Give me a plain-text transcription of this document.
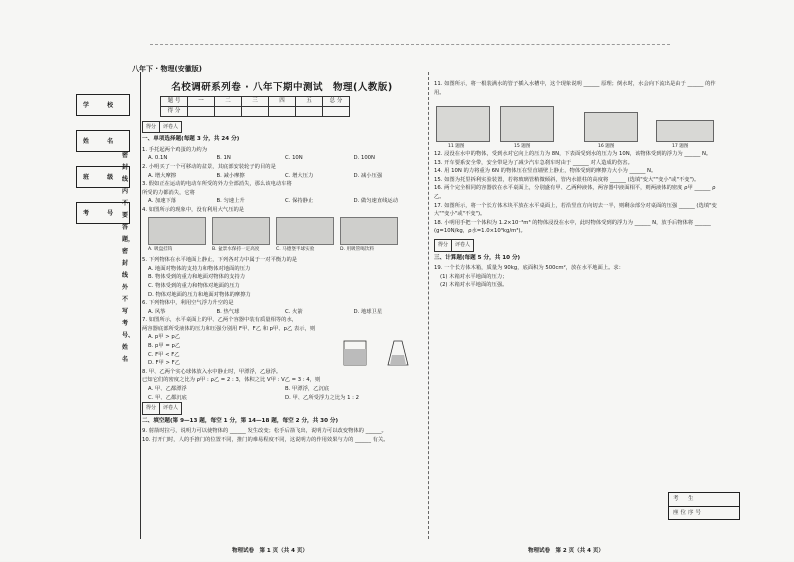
八年下 · 物理(安徽版)
学 校
姓 名
班 级
考 号
密封线内不要答题，密封线外不写考号、姓名
名校调研系列卷 · 八年下期中测试　物理(人教版)
题 号	一	二	三	四	五	总 分
得 分						
得分 评卷人
一、单项选择题(每题 3 分，共 24 分)
1. 手托起两个鸡蛋的力约为
A. 0.1N	B. 1N	C. 10N	D. 100N
2. 小明买了一个可移动的盆景，其底部安装轮子的目的是
A. 增大摩擦	B. 减小摩擦	C. 增大压力	D. 减小压强
3. 假如正在运动的电动车所受的外力全部消失，那么该电动车将
所受的力都消失，它将
A. 加速下落	B. 匀速上升	C. 保持静止	D. 做匀速直线运动
4. 如图所示的现象中，没有利用大气压的是
A. 吸盘挂钩	B. 盆景水保持一定高度	C. 马德堡半球实验	D. 用吸管喝饮料
5. 下列物体在水平地面上静止，下列各对力中属于一对平衡力的是
A. 地面对物体的支持力和物体对地面的压力
B. 物体受到的重力和地面对物体的支持力
C. 物体受到的重力和物体对地面的压力
D. 物体对地面的压力和地面对物体的摩擦力
6. 下列物体中，利用空气浮力升空的是
A. 风筝	B. 热气球	C. 火箭	D. 地球卫星
7. 如图所示，水平桌面上的甲、乙两个容器中装有质量相等的水，
两容器底部所受液体的压力和压强分别用 F甲、F乙 和 p甲、p乙 表示，则
A. p甲 > p乙
B. p甲 = p乙
C. F甲 < F乙
D. F甲 > F乙
8. 甲、乙两个实心球体放入水中静止时，甲漂浮，乙悬浮。
已知它们的密度之比为 ρ甲 : ρ乙 = 2 : 3，体积之比 V甲 : V乙 = 3 : 4，则
A. 甲、乙都漂浮	B. 甲漂浮，乙沉底
C. 甲、乙都沉底	D. 甲、乙所受浮力之比为 1 : 2
得分 评卷人
二、填空题(第 9—13 题，每空 1 分，第 14—18 题，每空 2 分，共 30 分)
9. 射箭时拉弓，说明力可以使物体的 ______ 发生改变；松手后箭飞出，说明力可以改变物体的 ______。
10. 打开门时，人的手推门的位置不同，推门的难易程度不同，这说明力的作用效果与力的 ______ 有关。
11. 如图所示，将一根装满水的管子插入水槽中，这个现象说明 ______ 原理；倒水时，水会向下流出是由于 ______ 的作用。
11 题图	15 题图	16 题图	17 题图
12. 浸没在水中的物体，受到水对它向上的压力为 8N，下表面受到水的压力为 10N，该物体受到的浮力为 ______ N。
13. 开车要系安全带，安全带是为了减少汽车急刹车时由于 ______ 对人造成的伤害。
14. 用 10N 的力将重为 6N 的物体压在竖直墙壁上静止，物体受到的摩擦力大小为 ______ N。
15. 如图为托里拆利实验装置，若将玻璃管稍微倾斜，管内水银柱的高度将 ______ (选填"变大""变小"或"不变")。
16. 两个完全相同的容器放在水平桌面上，分别盛有甲、乙两种液体，两容器中液面相平，则两液体的密度 ρ甲 ______ ρ乙。
17. 如图所示，将一个长方体木块平放在水平桌面上，若沿竖直方向切去一半，则剩余部分对桌面的压强 ______ (选填"变大""变小"或"不变")。
18. 小明用手把一个体积为 1.2×10⁻³m³ 的物体浸没在水中，此时物体受到的浮力为 ______ N，放手后物体将 ______ (g=10N/kg，ρ水=1.0×10³kg/m³)。
得分 评卷人
三、计算题(每题 5 分，共 10 分)
19. 一个长方体木箱，质量为 90kg，底面积为 500cm²，放在水平地面上。求：
(1) 木箱对水平地面的压力；
(2) 木箱对水平地面的压强。
考　生
座位序号
物理试卷　第 1 页（共 4 页）	物理试卷　第 2 页（共 4 页）
